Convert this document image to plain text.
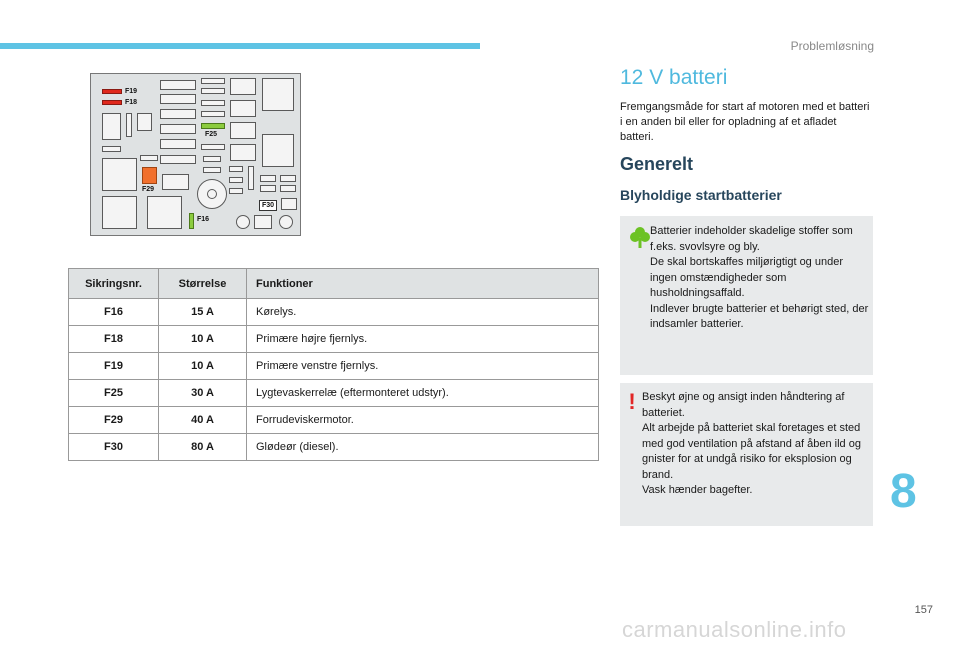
Problemløsning
F19
F18
F25
F29
F30
F16
Sikringsnr.	Størrelse	Funktioner
F16	15 A	Kørelys.
F18	10 A	Primære højre fjernlys.
F19	10 A	Primære venstre fjernlys.
F25	30 A	Lygtevaskerrelæ (eftermonteret udstyr).
F29	40 A	Forrudeviskermotor.
F30	80 A	Glødeør (diesel).
12 V batteri

Fremgangsmåde for start af motoren med et batteri i en anden bil eller for opladning af et afladet batteri.

Generelt
Blyholdige startbatterier

Batterier indeholder skadelige stoffer som f.eks. svovlsyre og bly.

De skal bortskaffes miljørigtigt og under ingen omstændigheder som husholdningsaffald.

Indlever brugte batterier et behørigt sted, der indsamler batterier.

! Beskyt øjne og ansigt inden håndtering af batteriet.

Alt arbejde på batteriet skal foretages et sted med god ventilation på afstand af åben ild og gnister for at undgå risiko for eksplosion og brand.

Vask hænder bagefter.	8
157
carmanualsonline.info
